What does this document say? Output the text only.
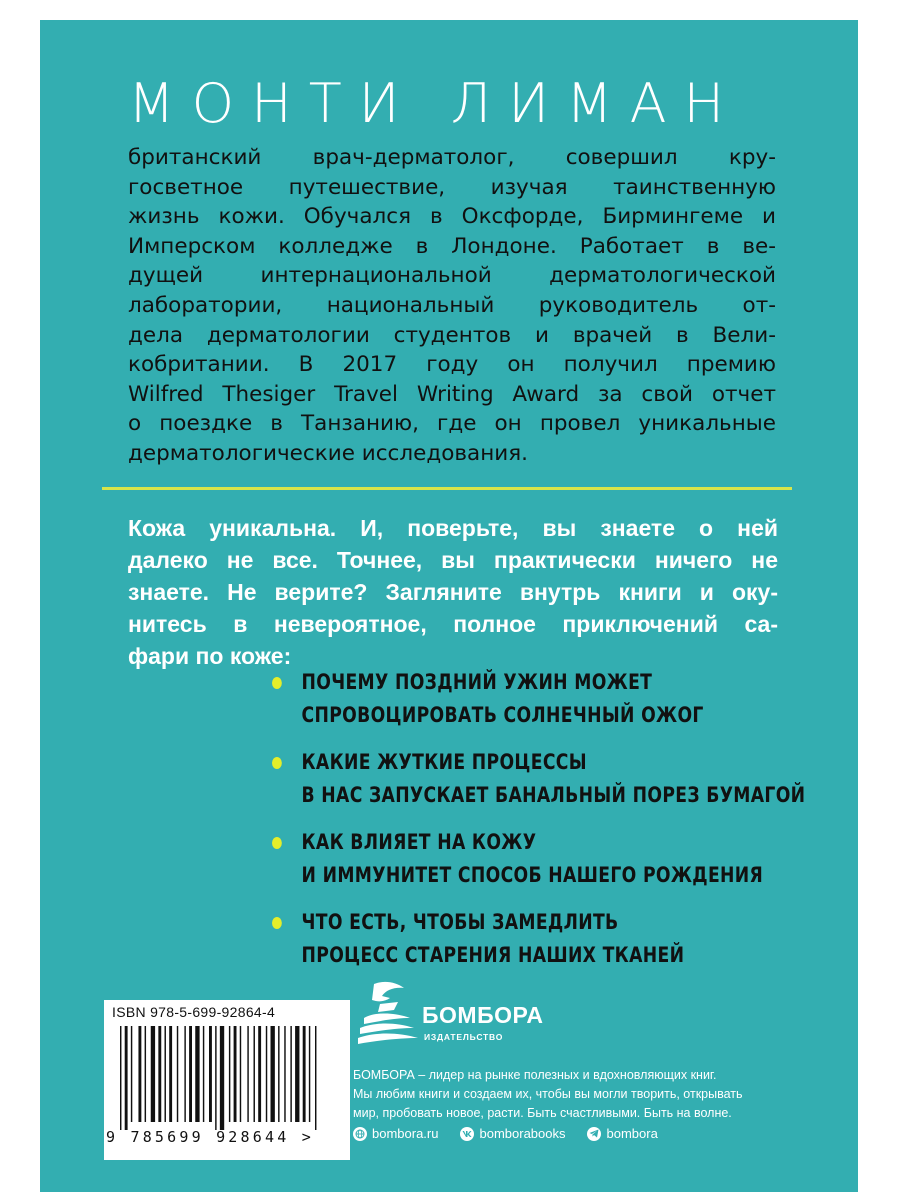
МОНТИ ЛИМАН
британский врач-дерматолог, совершил кру-
госветное путешествие, изучая таинственную
жизнь кожи. Обучался в Оксфорде, Бирмингеме и
Имперском колледже в Лондоне. Работает в ве-
дущей интернациональной дерматологической
лаборатории, национальный руководитель от-
дела дерматологии студентов и врачей в Вели-
кобритании. В 2017 году он получил премию
Wilfred Thesiger Travel Writing Award за свой отчет
о поездке в Танзанию, где он провел уникальные
дерматологические исследования.
Кожа уникальна. И, поверьте, вы знаете о ней
далеко не все. Точнее, вы практически ничего не
знаете. Не верите? Загляните внутрь книги и оку-
нитесь в невероятное, полное приключений са-
фари по коже:
ПОЧЕМУ ПОЗДНИЙ УЖИН МОЖЕТ
СПРОВОЦИРОВАТЬ СОЛНЕЧНЫЙ ОЖОГ
КАКИЕ ЖУТКИЕ ПРОЦЕССЫ
В НАС ЗАПУСКАЕТ БАНАЛЬНЫЙ ПОРЕЗ БУМАГОЙ
КАК ВЛИЯЕТ НА КОЖУ
И ИММУНИТЕТ СПОСОБ НАШЕГО РОЖДЕНИЯ
ЧТО ЕСТЬ, ЧТОБЫ ЗАМЕДЛИТЬ
ПРОЦЕСС СТАРЕНИЯ НАШИХ ТКАНЕЙ
ISBN 978-5-699-92864-4
9 785699 928644 >
БОМБОРА
ИЗДАТЕЛЬСТВО
БОМБОРА – лидер на рынке полезных и вдохновляющих книг.
Мы любим книги и создаем их, чтобы вы могли творить, открывать
мир, пробовать новое, расти. Быть счастливыми. Быть на волне.
bombora.ru	bomborabooks	bombora
